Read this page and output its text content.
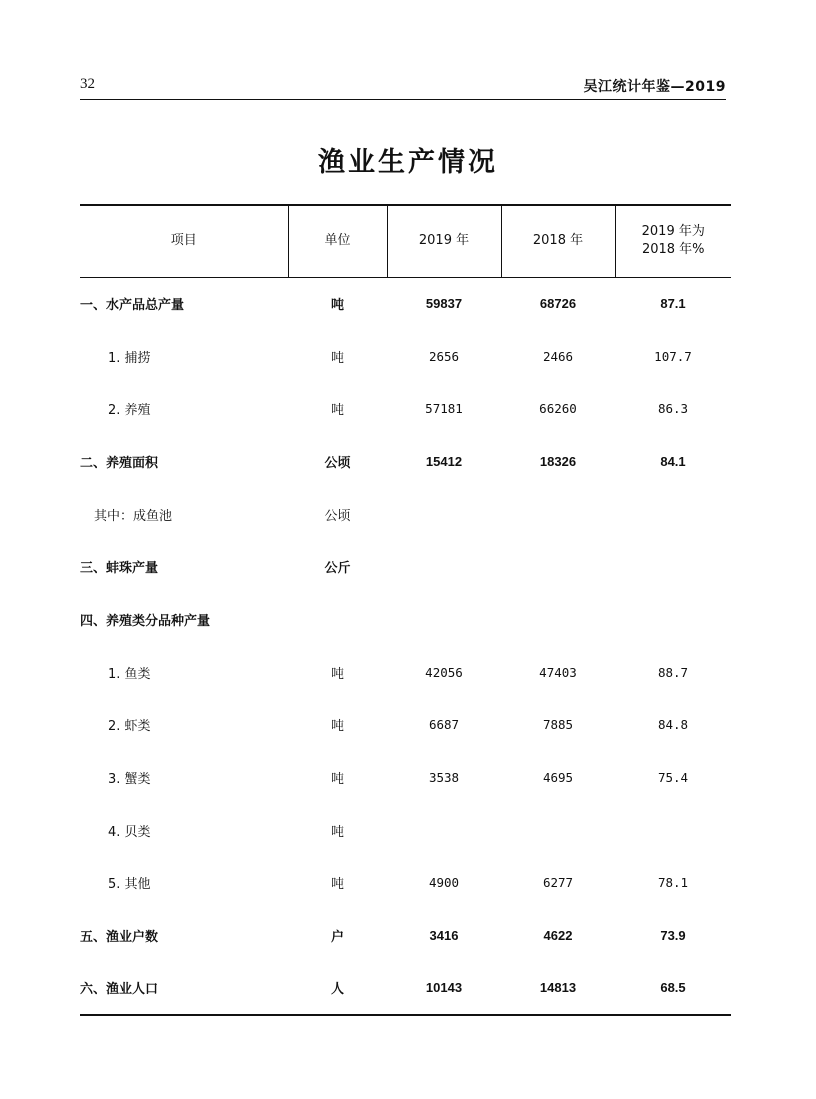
32	吴江统计年鉴—2019
渔业生产情况
项目	单位	2019 年	2018 年	2019 年为
2018 年%

一、水产品总产量	吨	59837	68726	87.1
1. 捕捞	吨	2656	2466	107.7
2. 养殖	吨	57181	66260	86.3
二、养殖面积	公顷	15412	18326	84.1
其中：成鱼池	公顷			
三、蚌珠产量	公斤			
四、养殖类分品种产量				
1. 鱼类	吨	42056	47403	88.7
2. 虾类	吨	6687	7885	84.8
3. 蟹类	吨	3538	4695	75.4
4. 贝类	吨			
5. 其他	吨	4900	6277	78.1
五、渔业户数	户	3416	4622	73.9
六、渔业人口	人	10143	14813	68.5
